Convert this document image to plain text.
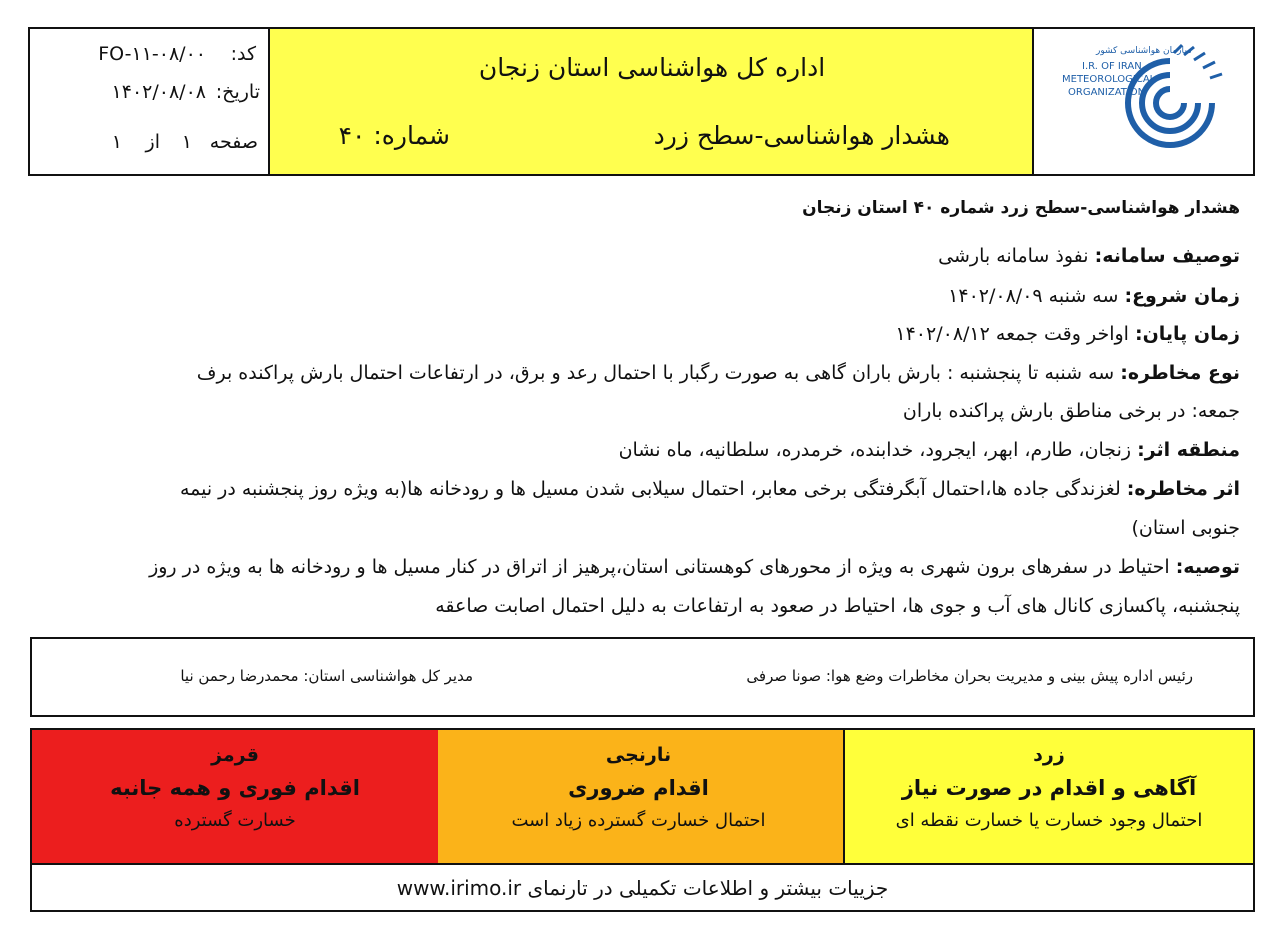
سازمان هواشناسی کشور
I.R. OF IRAN
METEOROLOGICAL
ORGANIZATION
اداره کل هواشناسی استان زنجان
هشدار هواشناسی-سطح زرد
شماره: ۴۰
کد:
FO-۱۱-۰۸/۰۰
تاریخ:
۱۴۰۲/۰۸/۰۸
صفحه
۱
از
۱
هشدار هواشناسی-سطح زرد شماره ۴۰ استان زنجان
توصیف سامانه: نفوذ سامانه بارشی
زمان شروع: سه شنبه ۱۴۰۲/۰۸/۰۹
زمان پایان: اواخر وقت جمعه ۱۴۰۲/۰۸/۱۲
نوع مخاطره: سه شنبه تا پنجشنبه : بارش باران گاهی به صورت رگبار با احتمال رعد و برق، در ارتفاعات احتمال بارش پراکنده برف
جمعه: در برخی مناطق بارش پراکنده باران
منطقه اثر: زنجان، طارم، ابهر، ایجرود، خدابنده، خرمدره، سلطانیه، ماه نشان
اثر مخاطره: لغزندگی جاده ها،احتمال آبگرفتگی برخی معابر، احتمال سیلابی شدن مسیل ها و رودخانه ها(به ویژه روز پنجشنبه در نیمه
جنوبی استان)
توصیه: احتیاط در سفرهای برون شهری به ویژه از محورهای کوهستانی استان،پرهیز از اتراق در کنار مسیل ها و رودخانه ها به ویژه در روز
پنجشنبه، پاکسازی کانال های آب و جوی ها، احتیاط در صعود به ارتفاعات به دلیل احتمال اصابت صاعقه
رئیس اداره پیش بینی و مدیریت بحران مخاطرات وضع هوا: صونا صرفی
مدیر کل هواشناسی استان: محمدرضا رحمن نیا
زرد
آگاهی و اقدام در صورت نیاز
احتمال وجود خسارت یا خسارت نقطه ای
نارنجی
اقدام ضروری
احتمال خسارت گسترده زیاد است
قرمز
اقدام فوری و همه جانبه
خسارت گسترده
جزییات بیشتر و اطلاعات تکمیلی در تارنمای www.irimo.ir
